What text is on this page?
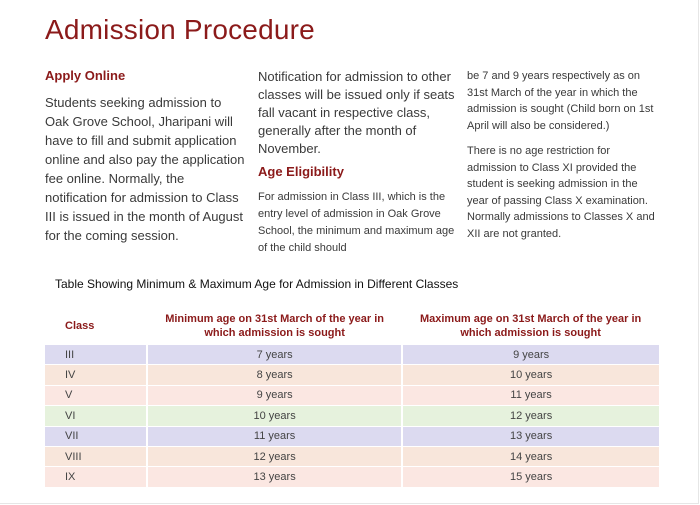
Admission Procedure
Apply Online
Students seeking admission to Oak Grove School, Jharipani will have to fill and submit application online and also pay the application fee online. Normally, the notification for admission to Class III is issued in the month of August for the coming session.
Notification for admission to other classes will be issued only if seats fall vacant in respective class, generally after the month of November.
Age Eligibility
For admission in Class III, which is the entry level of admission in Oak Grove School, the minimum and maximum age of the child should
be 7 and 9 years respectively as on 31st March of the year in which the admission is sought (Child born on 1st April will also be considered.)
There is no age restriction for admission to Class XI provided the student is seeking admission in the year of passing Class X examination. Normally admissions to Classes X and XII are not granted.
Table Showing Minimum & Maximum Age for Admission in Different Classes
Class	Minimum age on 31st March of the year in which admission is sought	Maximum age on 31st March of the year in which admission is sought
III	7 years	9 years
IV	8 years	10 years
V	9 years	11 years
VI	10 years	12 years
VII	11 years	13 years
VIII	12 years	14 years
IX	13 years	15 years
